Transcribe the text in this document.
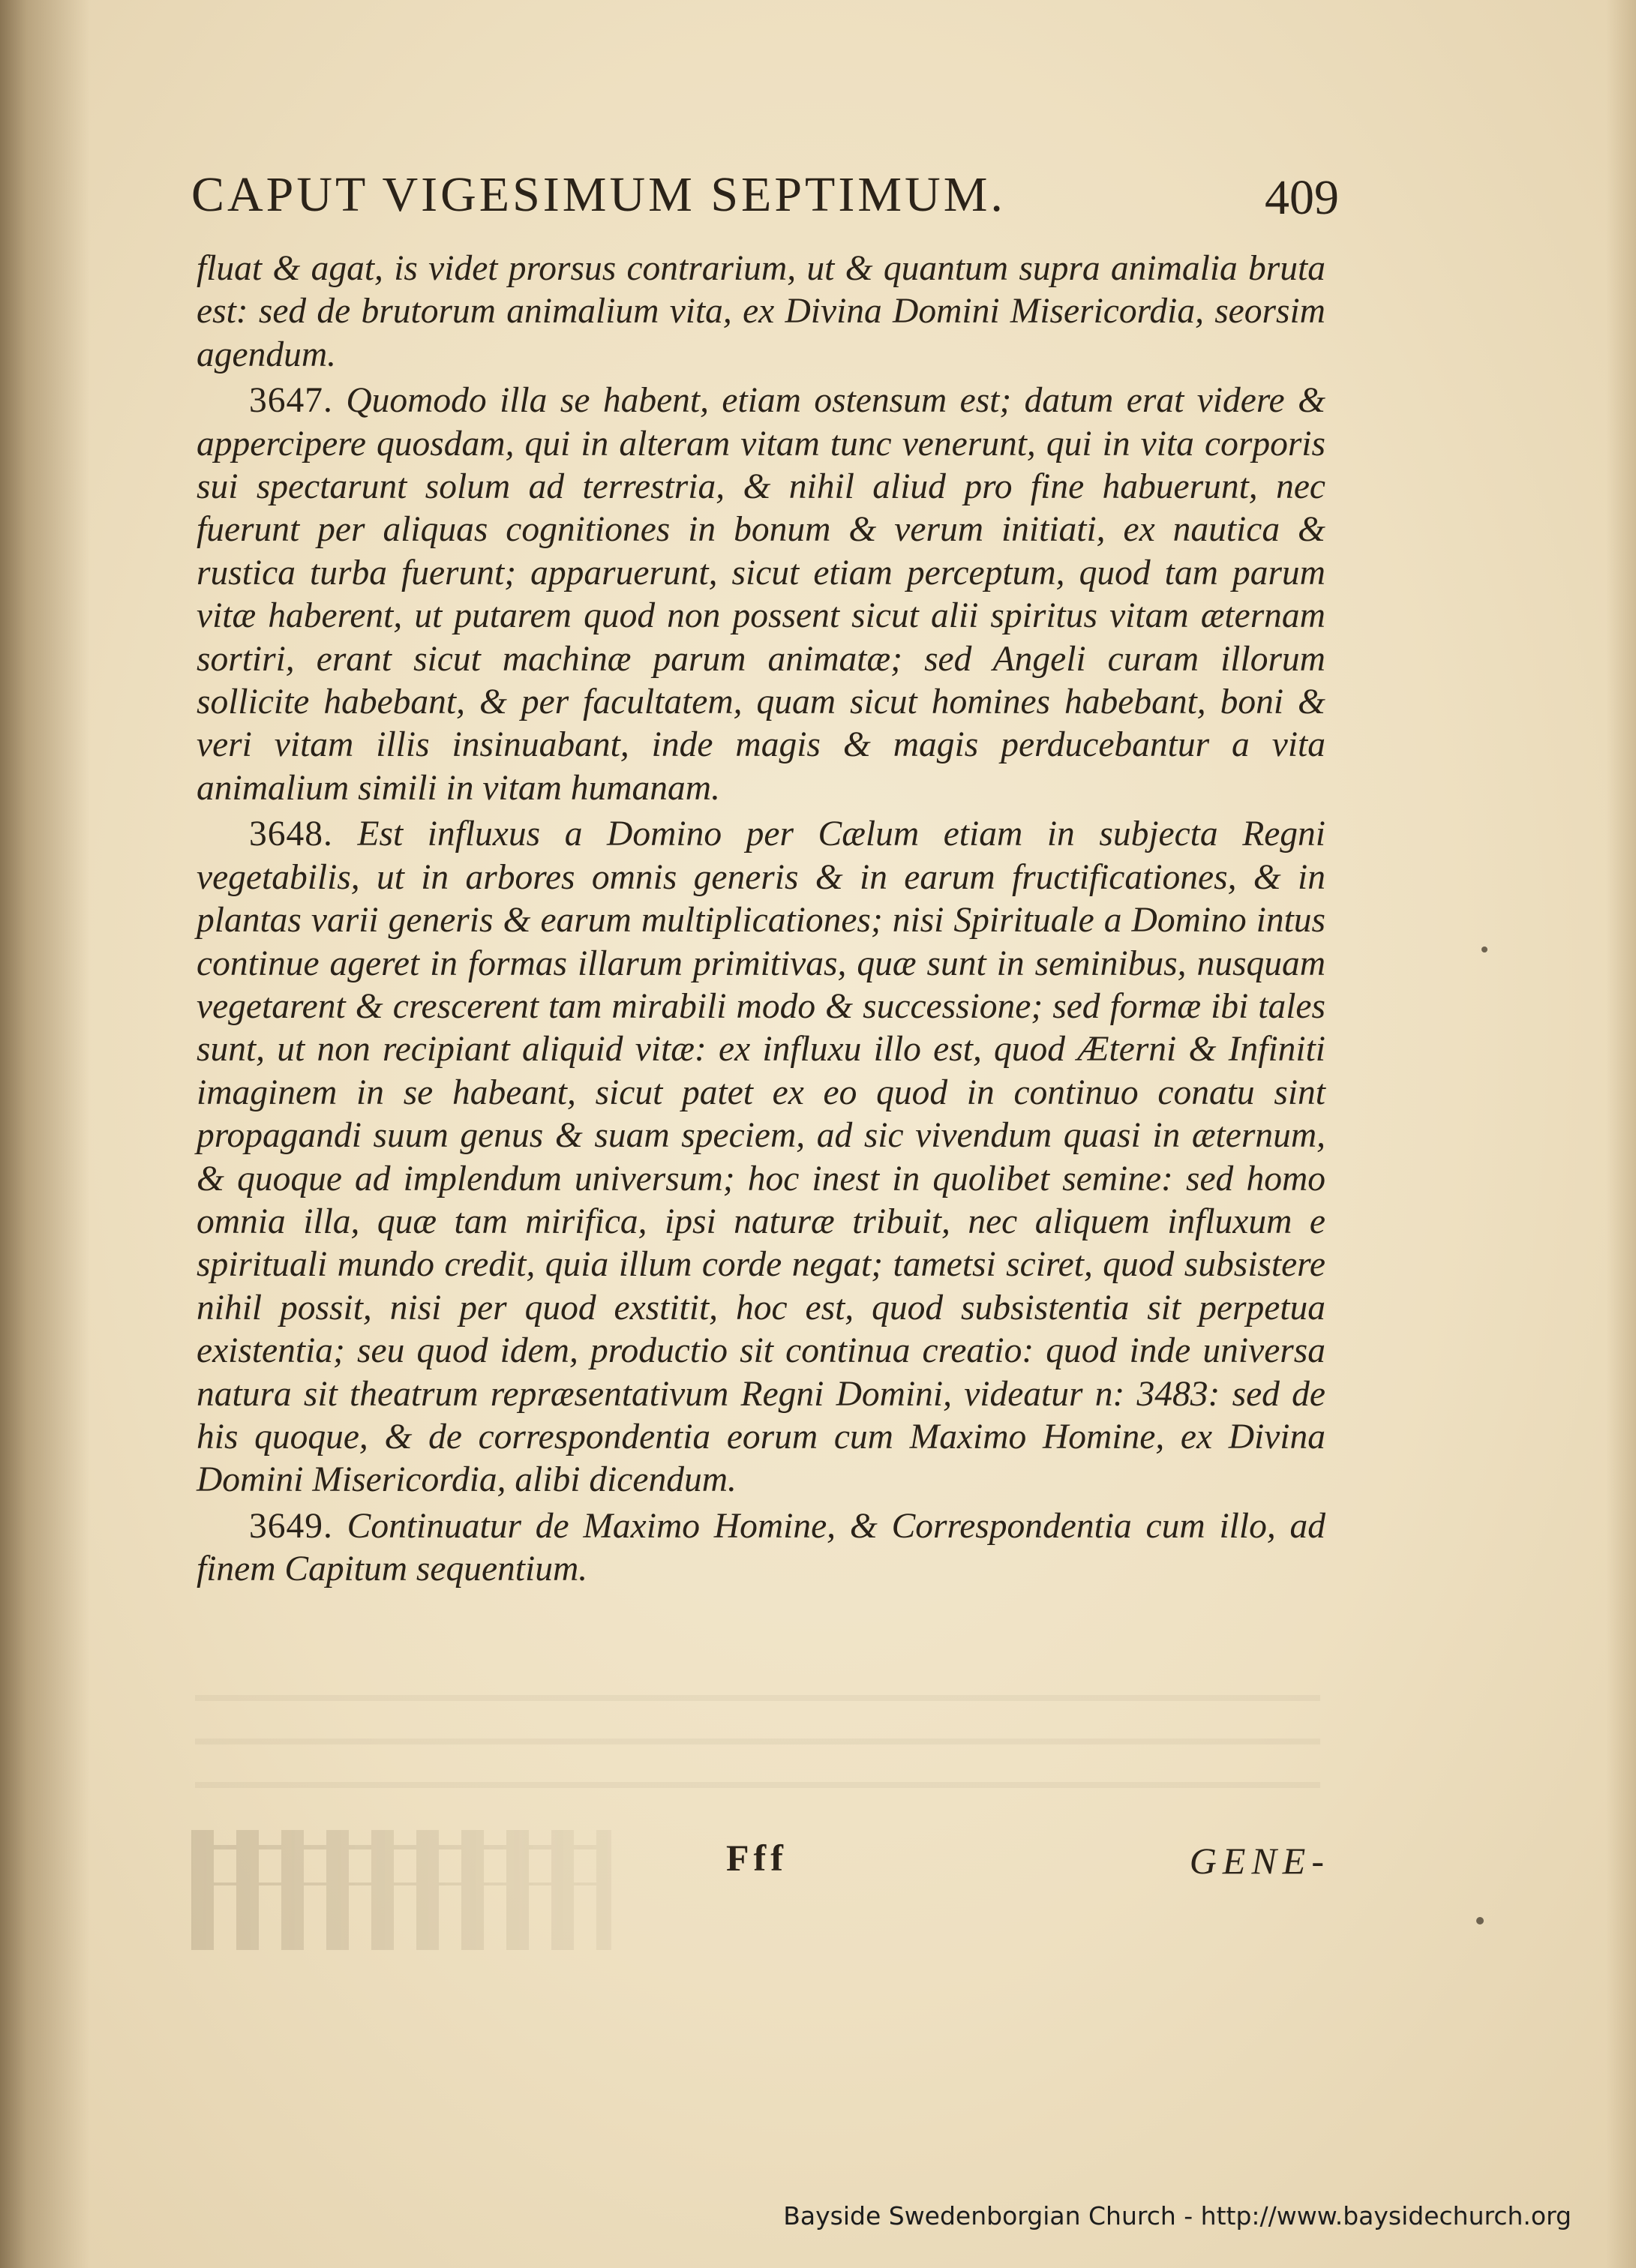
CAPUT VIGESIMUM SEPTIMUM.	409

fluat & agat, is videt prorsus contrarium, ut & quantum supra animalia bruta est: sed de brutorum animalium vita, ex Divina Domini Misericordia, seorsim agendum.

3647. Quomodo illa se habent, etiam ostensum est; datum erat videre & appercipere quosdam, qui in alteram vitam tunc venerunt, qui in vita corporis sui spectarunt solum ad terrestria, & nihil aliud pro fine habuerunt, nec fuerunt per aliquas cognitiones in bonum & verum initiati, ex nautica & rustica turba fuerunt; apparuerunt, sicut etiam perceptum, quod tam parum vitæ haberent, ut putarem quod non possent sicut alii spiritus vitam æternam sortiri, erant sicut machinæ parum animatæ; sed Angeli curam illorum sollicite habebant, & per facultatem, quam sicut homines habebant, boni & veri vitam illis insinuabant, inde magis & magis perducebantur a vita animalium simili in vitam humanam.

3648. Est influxus a Domino per Cælum etiam in subjecta Regni vegetabilis, ut in arbores omnis generis & in earum fructificationes, & in plantas varii generis & earum multiplicationes; nisi Spirituale a Domino intus continue ageret in formas illarum primitivas, quæ sunt in seminibus, nusquam vegetarent & crescerent tam mirabili modo & successione; sed formæ ibi tales sunt, ut non recipiant aliquid vitæ: ex influxu illo est, quod Æterni & Infiniti imaginem in se habeant, sicut patet ex eo quod in continuo conatu sint propagandi suum genus & suam speciem, ad sic vivendum quasi in æternum, & quoque ad implendum universum; hoc inest in quolibet semine: sed homo omnia illa, quæ tam mirifica, ipsi naturæ tribuit, nec aliquem influxum e spirituali mundo credit, quia illum corde negat; tametsi sciret, quod subsistere nihil possit, nisi per quod exstitit, hoc est, quod subsistentia sit perpetua existentia; seu quod idem, productio sit continua creatio: quod inde universa natura sit theatrum repræsentativum Regni Domini, videatur n: 3483: sed de his quoque, & de correspondentia eorum cum Maximo Homine, ex Divina Domini Misericordia, alibi dicendum.

3649. Continuatur de Maximo Homine, & Correspondentia cum illo, ad finem Capitum sequentium.

Fff	GENE-
Bayside Swedenborgian Church - http://www.baysidechurch.org
